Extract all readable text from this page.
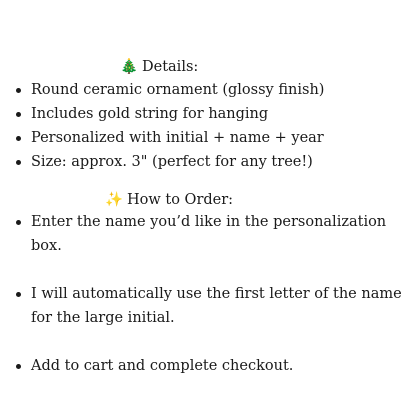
🎄 Details:
Round ceramic ornament (glossy finish)
Includes gold string for hanging
Personalized with initial + name + year
Size: approx. 3" (perfect for any tree!)
✨ How to Order:
Enter the name you’d like in the personalization box.
I will automatically use the first letter of the name for the large initial.
Add to cart and complete checkout.
